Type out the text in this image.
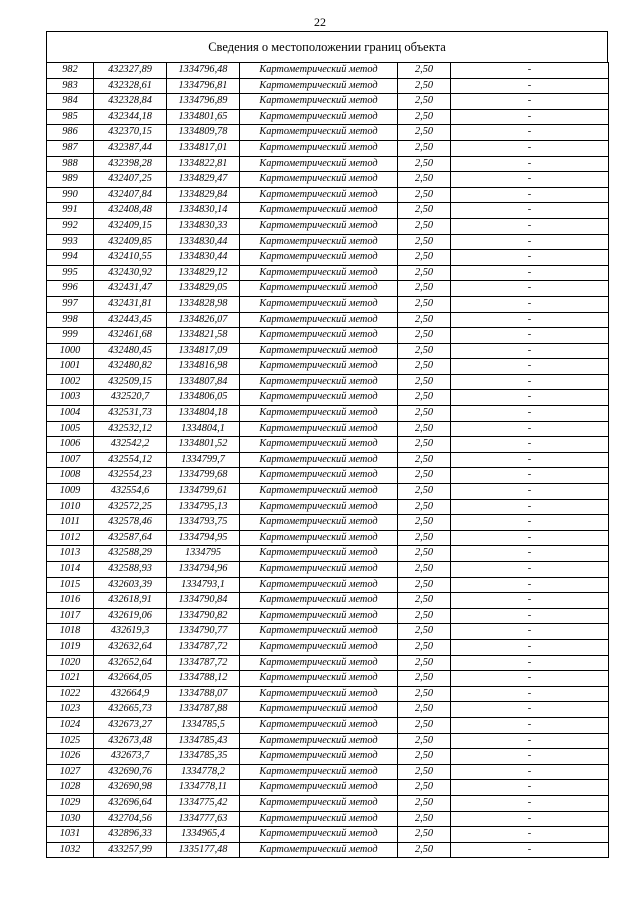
22
Сведения о местоположении границ объекта
982	432327,89	1334796,48	Картометрический метод	2,50	-
983	432328,61	1334796,81	Картометрический метод	2,50	-
984	432328,84	1334796,89	Картометрический метод	2,50	-
985	432344,18	1334801,65	Картометрический метод	2,50	-
986	432370,15	1334809,78	Картометрический метод	2,50	-
987	432387,44	1334817,01	Картометрический метод	2,50	-
988	432398,28	1334822,81	Картометрический метод	2,50	-
989	432407,25	1334829,47	Картометрический метод	2,50	-
990	432407,84	1334829,84	Картометрический метод	2,50	-
991	432408,48	1334830,14	Картометрический метод	2,50	-
992	432409,15	1334830,33	Картометрический метод	2,50	-
993	432409,85	1334830,44	Картометрический метод	2,50	-
994	432410,55	1334830,44	Картометрический метод	2,50	-
995	432430,92	1334829,12	Картометрический метод	2,50	-
996	432431,47	1334829,05	Картометрический метод	2,50	-
997	432431,81	1334828,98	Картометрический метод	2,50	-
998	432443,45	1334826,07	Картометрический метод	2,50	-
999	432461,68	1334821,58	Картометрический метод	2,50	-
1000	432480,45	1334817,09	Картометрический метод	2,50	-
1001	432480,82	1334816,98	Картометрический метод	2,50	-
1002	432509,15	1334807,84	Картометрический метод	2,50	-
1003	432520,7	1334806,05	Картометрический метод	2,50	-
1004	432531,73	1334804,18	Картометрический метод	2,50	-
1005	432532,12	1334804,1	Картометрический метод	2,50	-
1006	432542,2	1334801,52	Картометрический метод	2,50	-
1007	432554,12	1334799,7	Картометрический метод	2,50	-
1008	432554,23	1334799,68	Картометрический метод	2,50	-
1009	432554,6	1334799,61	Картометрический метод	2,50	-
1010	432572,25	1334795,13	Картометрический метод	2,50	-
1011	432578,46	1334793,75	Картометрический метод	2,50	-
1012	432587,64	1334794,95	Картометрический метод	2,50	-
1013	432588,29	1334795	Картометрический метод	2,50	-
1014	432588,93	1334794,96	Картометрический метод	2,50	-
1015	432603,39	1334793,1	Картометрический метод	2,50	-
1016	432618,91	1334790,84	Картометрический метод	2,50	-
1017	432619,06	1334790,82	Картометрический метод	2,50	-
1018	432619,3	1334790,77	Картометрический метод	2,50	-
1019	432632,64	1334787,72	Картометрический метод	2,50	-
1020	432652,64	1334787,72	Картометрический метод	2,50	-
1021	432664,05	1334788,12	Картометрический метод	2,50	-
1022	432664,9	1334788,07	Картометрический метод	2,50	-
1023	432665,73	1334787,88	Картометрический метод	2,50	-
1024	432673,27	1334785,5	Картометрический метод	2,50	-
1025	432673,48	1334785,43	Картометрический метод	2,50	-
1026	432673,7	1334785,35	Картометрический метод	2,50	-
1027	432690,76	1334778,2	Картометрический метод	2,50	-
1028	432690,98	1334778,11	Картометрический метод	2,50	-
1029	432696,64	1334775,42	Картометрический метод	2,50	-
1030	432704,56	1334777,63	Картометрический метод	2,50	-
1031	432896,33	1334965,4	Картометрический метод	2,50	-
1032	433257,99	1335177,48	Картометрический метод	2,50	-
